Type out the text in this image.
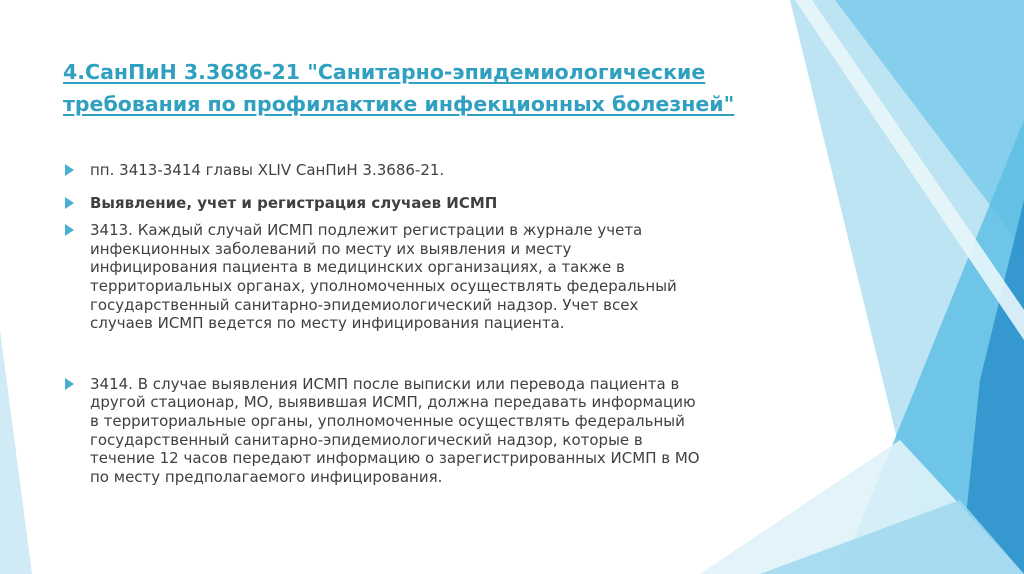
4.СанПиН 3.3686-21 "Санитарно-эпидемиологические требования по профилактике инфекционных болезней"
пп. 3413-3414 главы XLIV СанПиН 3.3686-21.
Выявление, учет и регистрация случаев ИСМП
3413. Каждый случай ИСМП подлежит регистрации в журнале учета
инфекционных заболеваний по месту их выявления и месту
инфицирования пациента в медицинских организациях, а также в
территориальных органах, уполномоченных осуществлять федеральный
государственный санитарно-эпидемиологический надзор. Учет всех
случаев ИСМП ведется по месту инфицирования пациента.
3414. В случае выявления ИСМП после выписки или перевода пациента в
другой стационар, МО, выявившая ИСМП, должна передавать информацию
в территориальные органы, уполномоченные осуществлять федеральный
государственный санитарно-эпидемиологический надзор, которые в
течение 12 часов передают информацию о зарегистрированных ИСМП в МО
по месту предполагаемого инфицирования.
